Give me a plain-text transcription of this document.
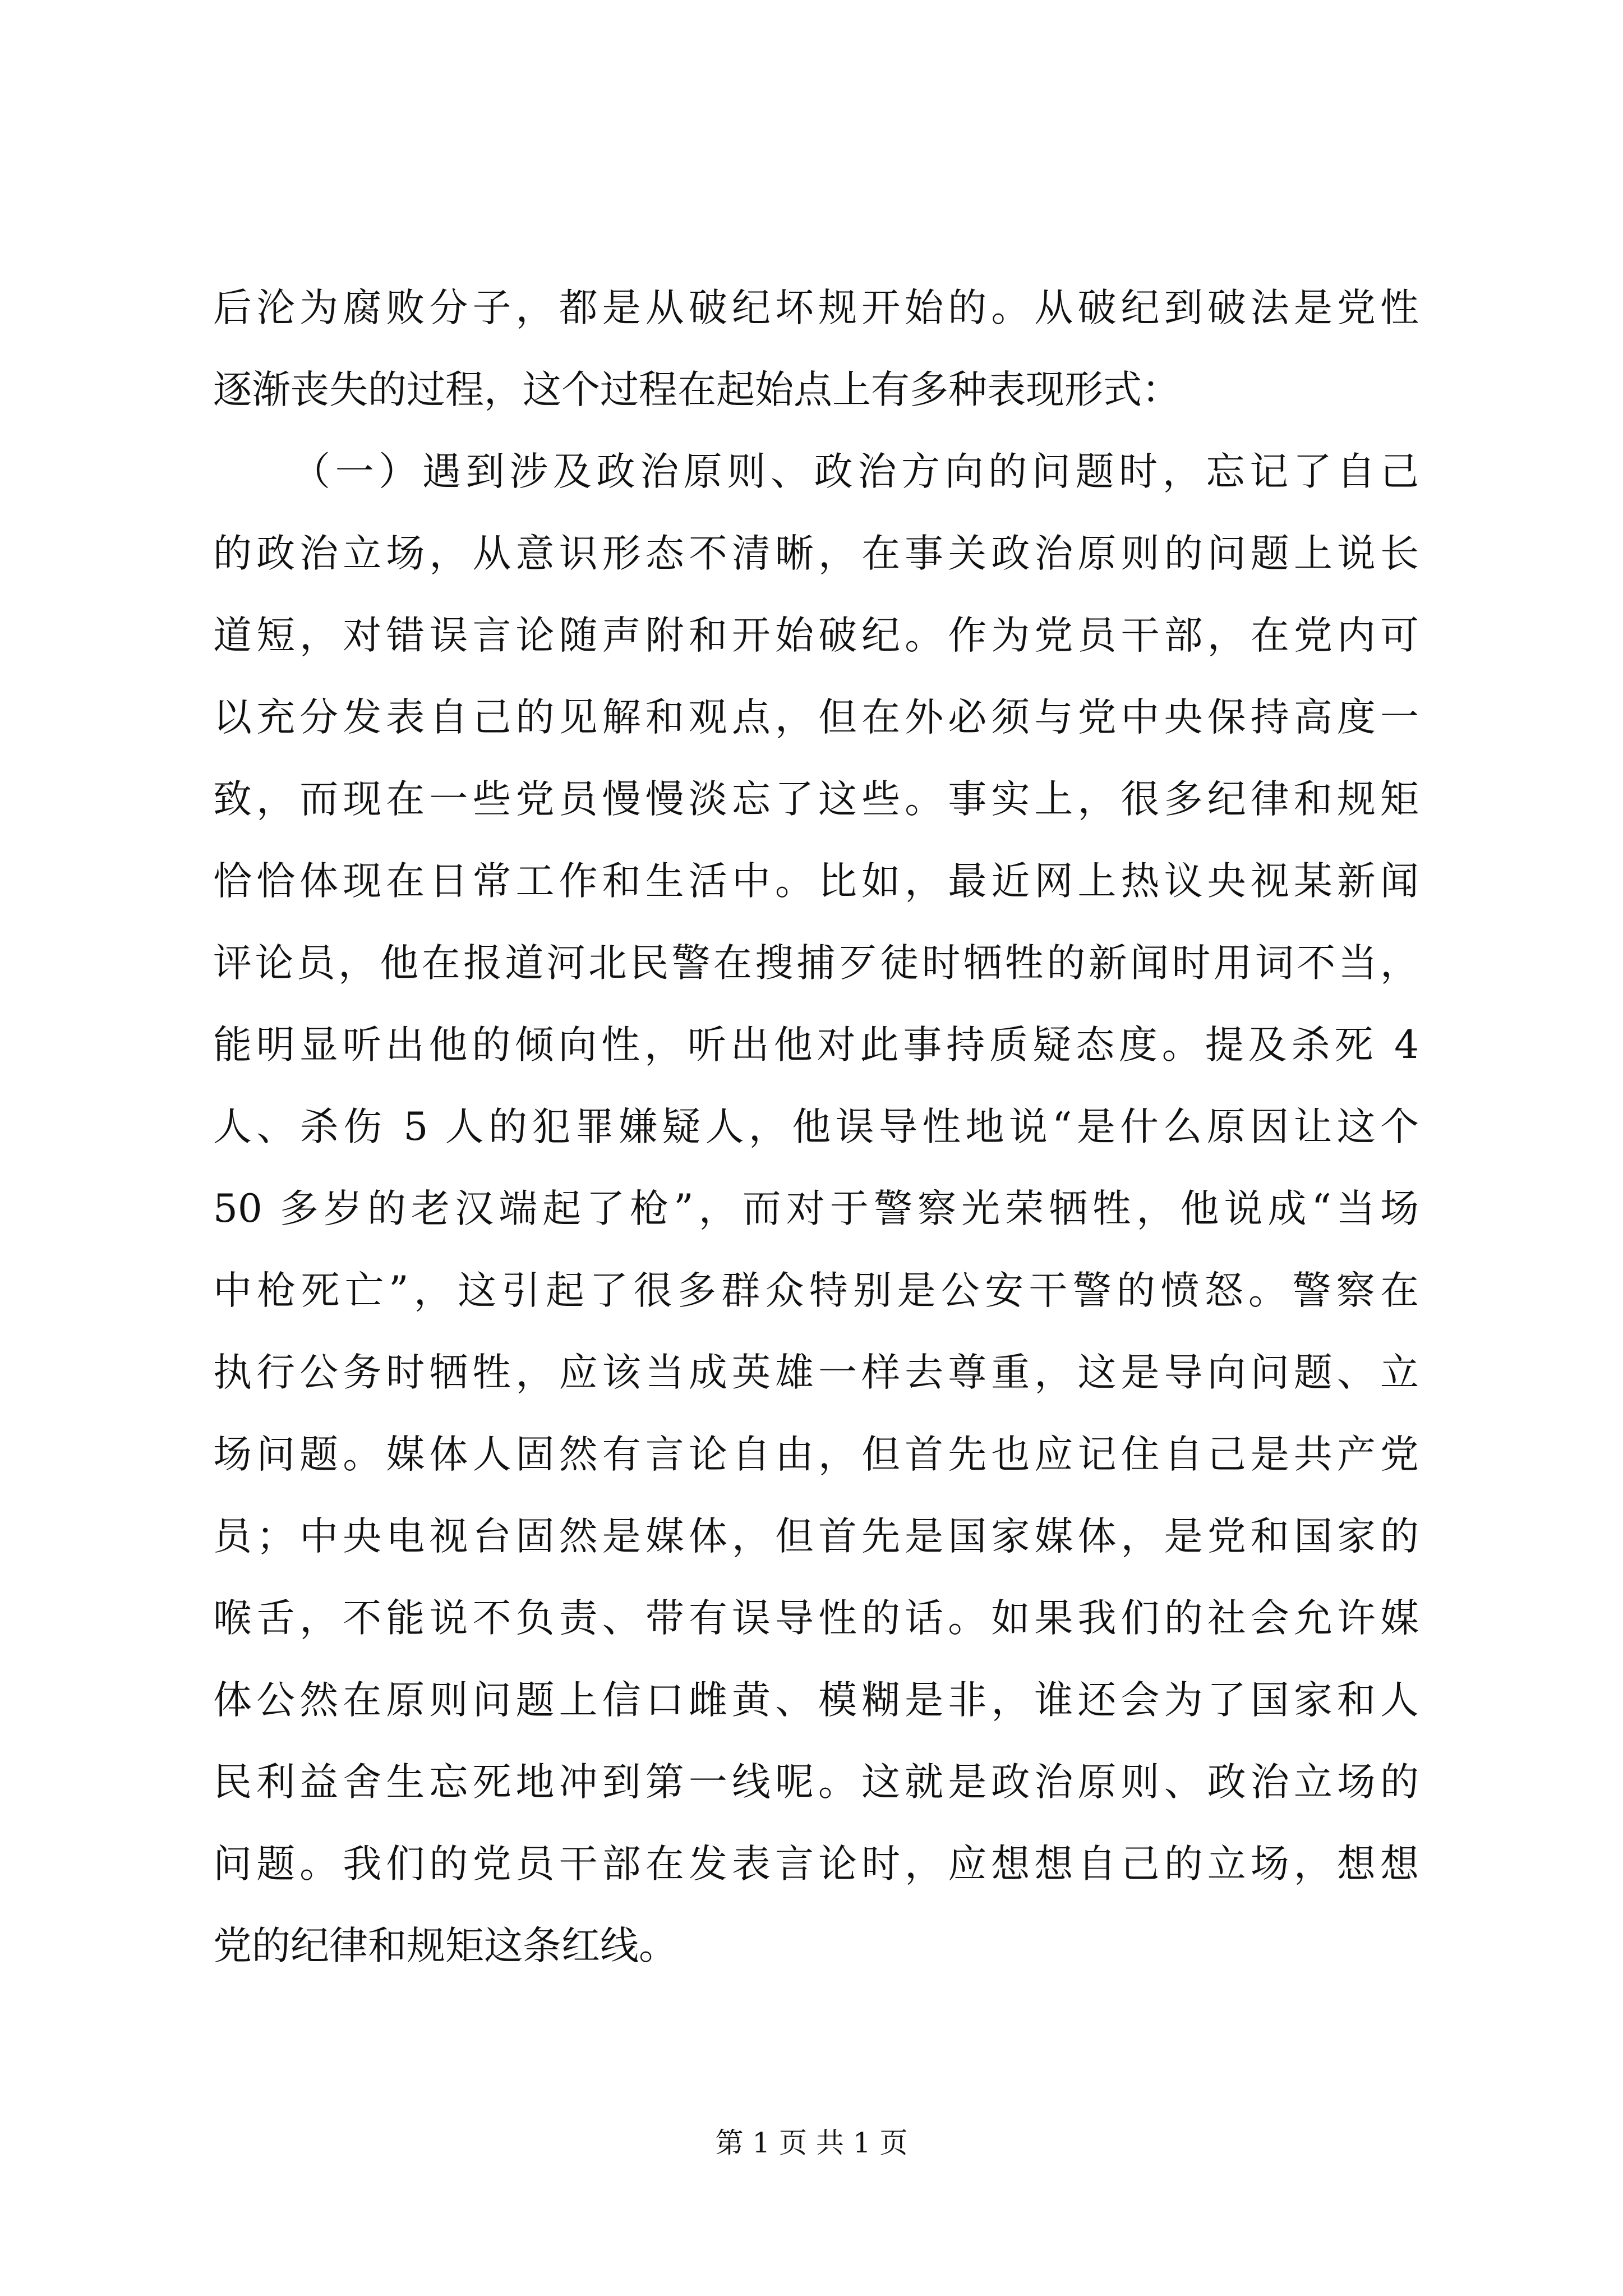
后沦为腐败分子，都是从破纪坏规开始的。从破纪到破法是党性
逐渐丧失的过程，这个过程在起始点上有多种表现形式：
（一）遇到涉及政治原则、政治方向的问题时，忘记了自己
的政治立场，从意识形态不清晰，在事关政治原则的问题上说长
道短，对错误言论随声附和开始破纪。作为党员干部，在党内可
以充分发表自己的见解和观点，但在外必须与党中央保持高度一
致，而现在一些党员慢慢淡忘了这些。事实上，很多纪律和规矩
恰恰体现在日常工作和生活中。比如，最近网上热议央视某新闻
评论员，他在报道河北民警在搜捕歹徒时牺牲的新闻时用词不当，
能明显听出他的倾向性，听出他对此事持质疑态度。提及杀死 4
人、杀伤 5 人的犯罪嫌疑人，他误导性地说“是什么原因让这个
50 多岁的老汉端起了枪”，而对于警察光荣牺牲，他说成“当场
中枪死亡”，这引起了很多群众特别是公安干警的愤怒。警察在
执行公务时牺牲，应该当成英雄一样去尊重，这是导向问题、立
场问题。媒体人固然有言论自由，但首先也应记住自己是共产党
员；中央电视台固然是媒体，但首先是国家媒体，是党和国家的
喉舌，不能说不负责、带有误导性的话。如果我们的社会允许媒
体公然在原则问题上信口雌黄、模糊是非，谁还会为了国家和人
民利益舍生忘死地冲到第一线呢。这就是政治原则、政治立场的
问题。我们的党员干部在发表言论时，应想想自己的立场，想想
党的纪律和规矩这条红线。
第 1 页 共 1 页
